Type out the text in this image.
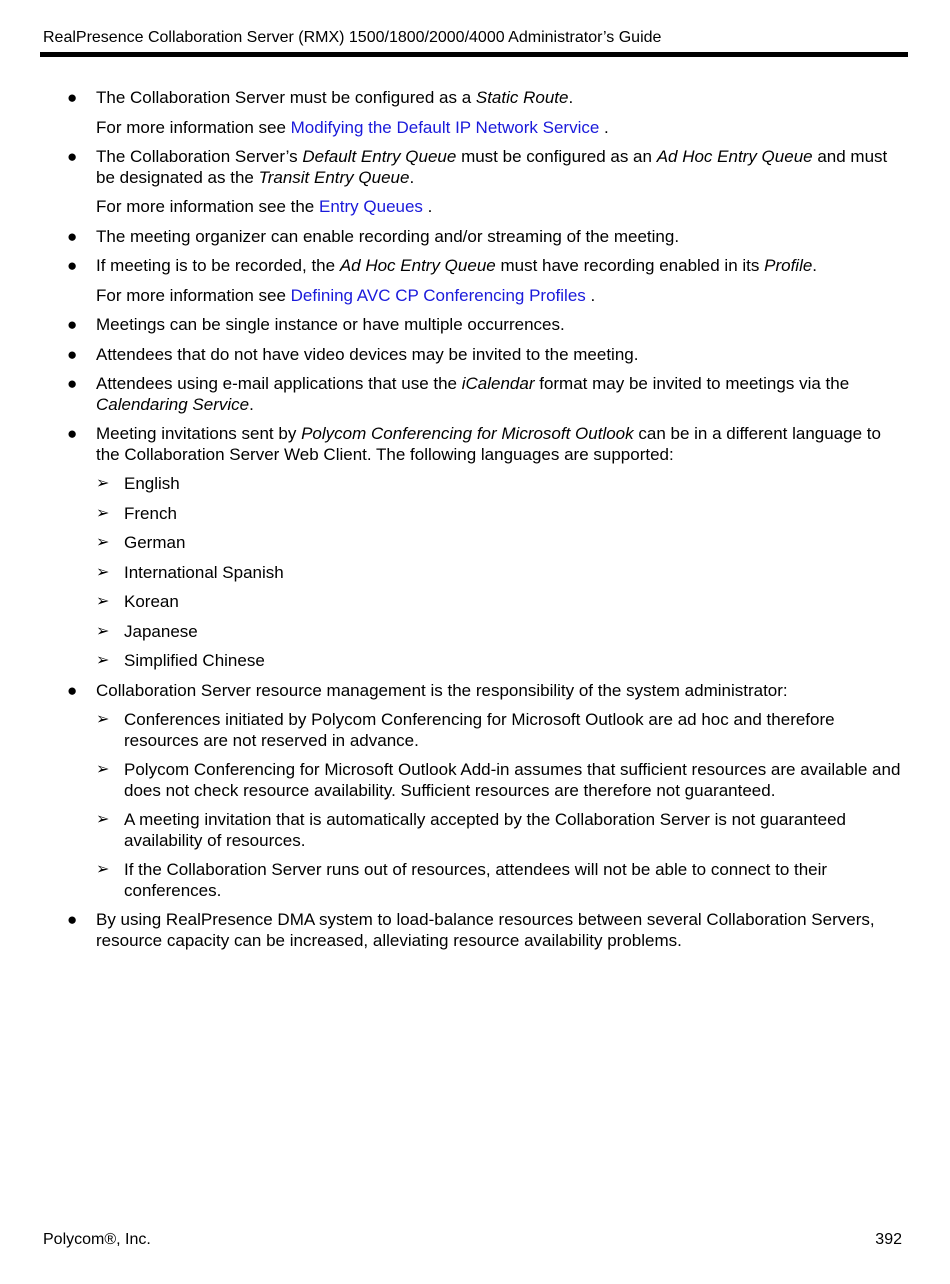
RealPresence Collaboration Server (RMX) 1500/1800/2000/4000 Administrator’s Guide
● The Collaboration Server must be configured as a Static Route.
For more information see Modifying the Default IP Network Service .
● The Collaboration Server’s Default Entry Queue must be configured as an Ad Hoc Entry Queue and must be designated as the Transit Entry Queue.
For more information see the Entry Queues .
● The meeting organizer can enable recording and/or streaming of the meeting.
● If meeting is to be recorded, the Ad Hoc Entry Queue must have recording enabled in its Profile.
For more information see Defining AVC CP Conferencing Profiles .
● Meetings can be single instance or have multiple occurrences.
● Attendees that do not have video devices may be invited to the meeting.
● Attendees using e-mail applications that use the iCalendar format may be invited to meetings via the Calendaring Service.
● Meeting invitations sent by Polycom Conferencing for Microsoft Outlook can be in a different language to the Collaboration Server Web Client. The following languages are supported:
➢ English
➢ French
➢ German
➢ International Spanish
➢ Korean
➢ Japanese
➢ Simplified Chinese
● Collaboration Server resource management is the responsibility of the system administrator:
➢ Conferences initiated by Polycom Conferencing for Microsoft Outlook are ad hoc and therefore resources are not reserved in advance.
➢ Polycom Conferencing for Microsoft Outlook Add-in assumes that sufficient resources are available and does not check resource availability. Sufficient resources are therefore not guaranteed.
➢ A meeting invitation that is automatically accepted by the Collaboration Server is not guaranteed availability of resources.
➢ If the Collaboration Server runs out of resources, attendees will not be able to connect to their conferences.
● By using RealPresence DMA system to load-balance resources between several Collaboration Servers, resource capacity can be increased, alleviating resource availability problems.
Polycom®, Inc.	392
